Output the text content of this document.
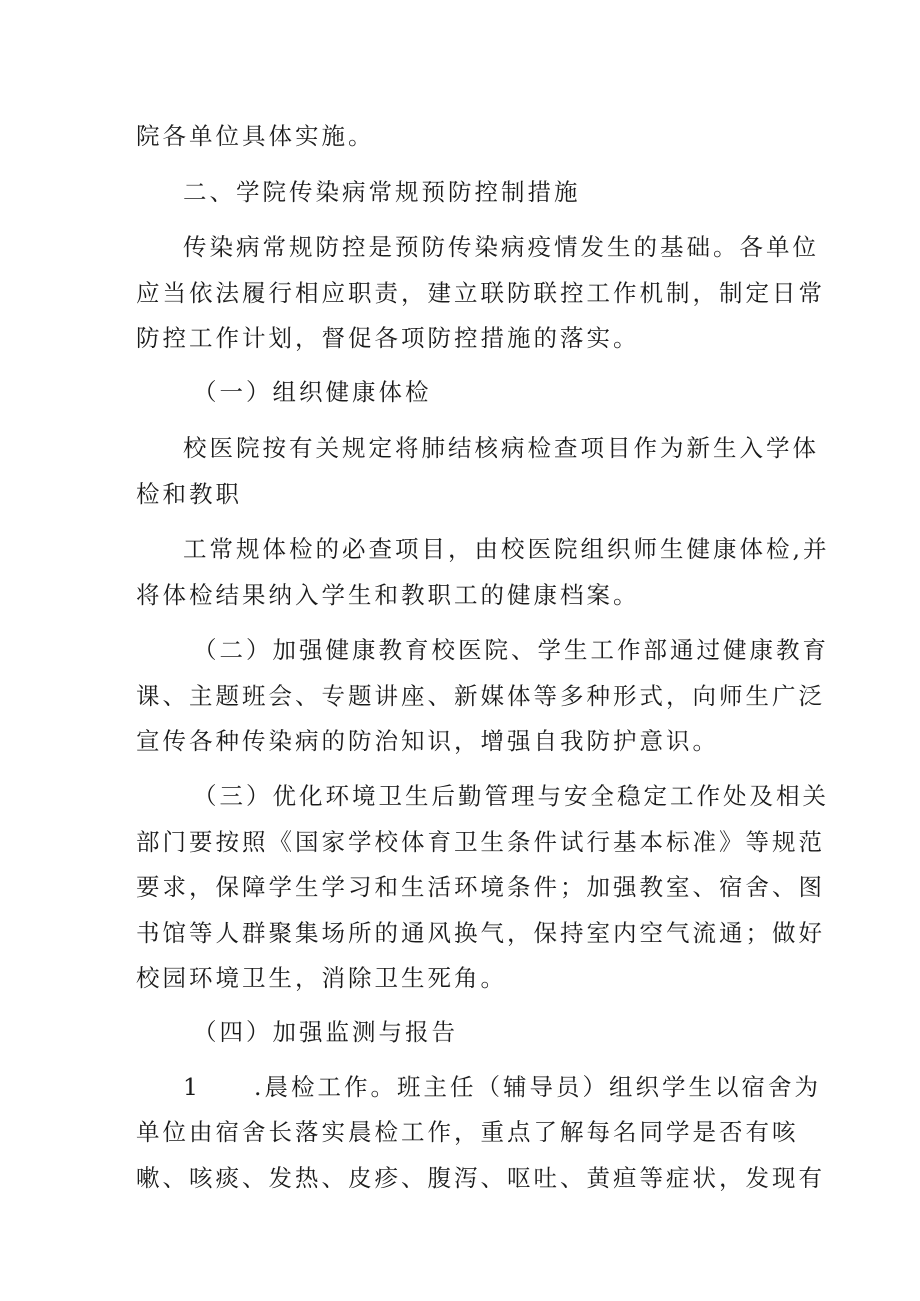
院各单位具体实施。
二、学院传染病常规预防控制措施
传染病常规防控是预防传染病疫情发生的基础。各单位
应当依法履行相应职责，建立联防联控工作机制，制定日常
防控工作计划，督促各项防控措施的落实。
（一）组织健康体检
校医院按有关规定将肺结核病检查项目作为新生入学体
检和教职
工常规体检的必查项目，由校医院组织师生健康体检,并
将体检结果纳入学生和教职工的健康档案。
（二）加强健康教育校医院、学生工作部通过健康教育
课、主题班会、专题讲座、新媒体等多种形式，向师生广泛
宣传各种传染病的防治知识，增强自我防护意识。
（三）优化环境卫生后勤管理与安全稳定工作处及相关
部门要按照《国家学校体育卫生条件试行基本标准》等规范
要求，保障学生学习和生活环境条件；加强教室、宿舍、图
书馆等人群聚集场所的通风换气，保持室内空气流通；做好
校园环境卫生，消除卫生死角。
（四）加强监测与报告
1 .晨检工作。班主任（辅导员）组织学生以宿舍为
单位由宿舍长落实晨检工作，重点了解每名同学是否有咳
嗽、咳痰、发热、皮疹、腹泻、呕吐、黄疸等症状，发现有
